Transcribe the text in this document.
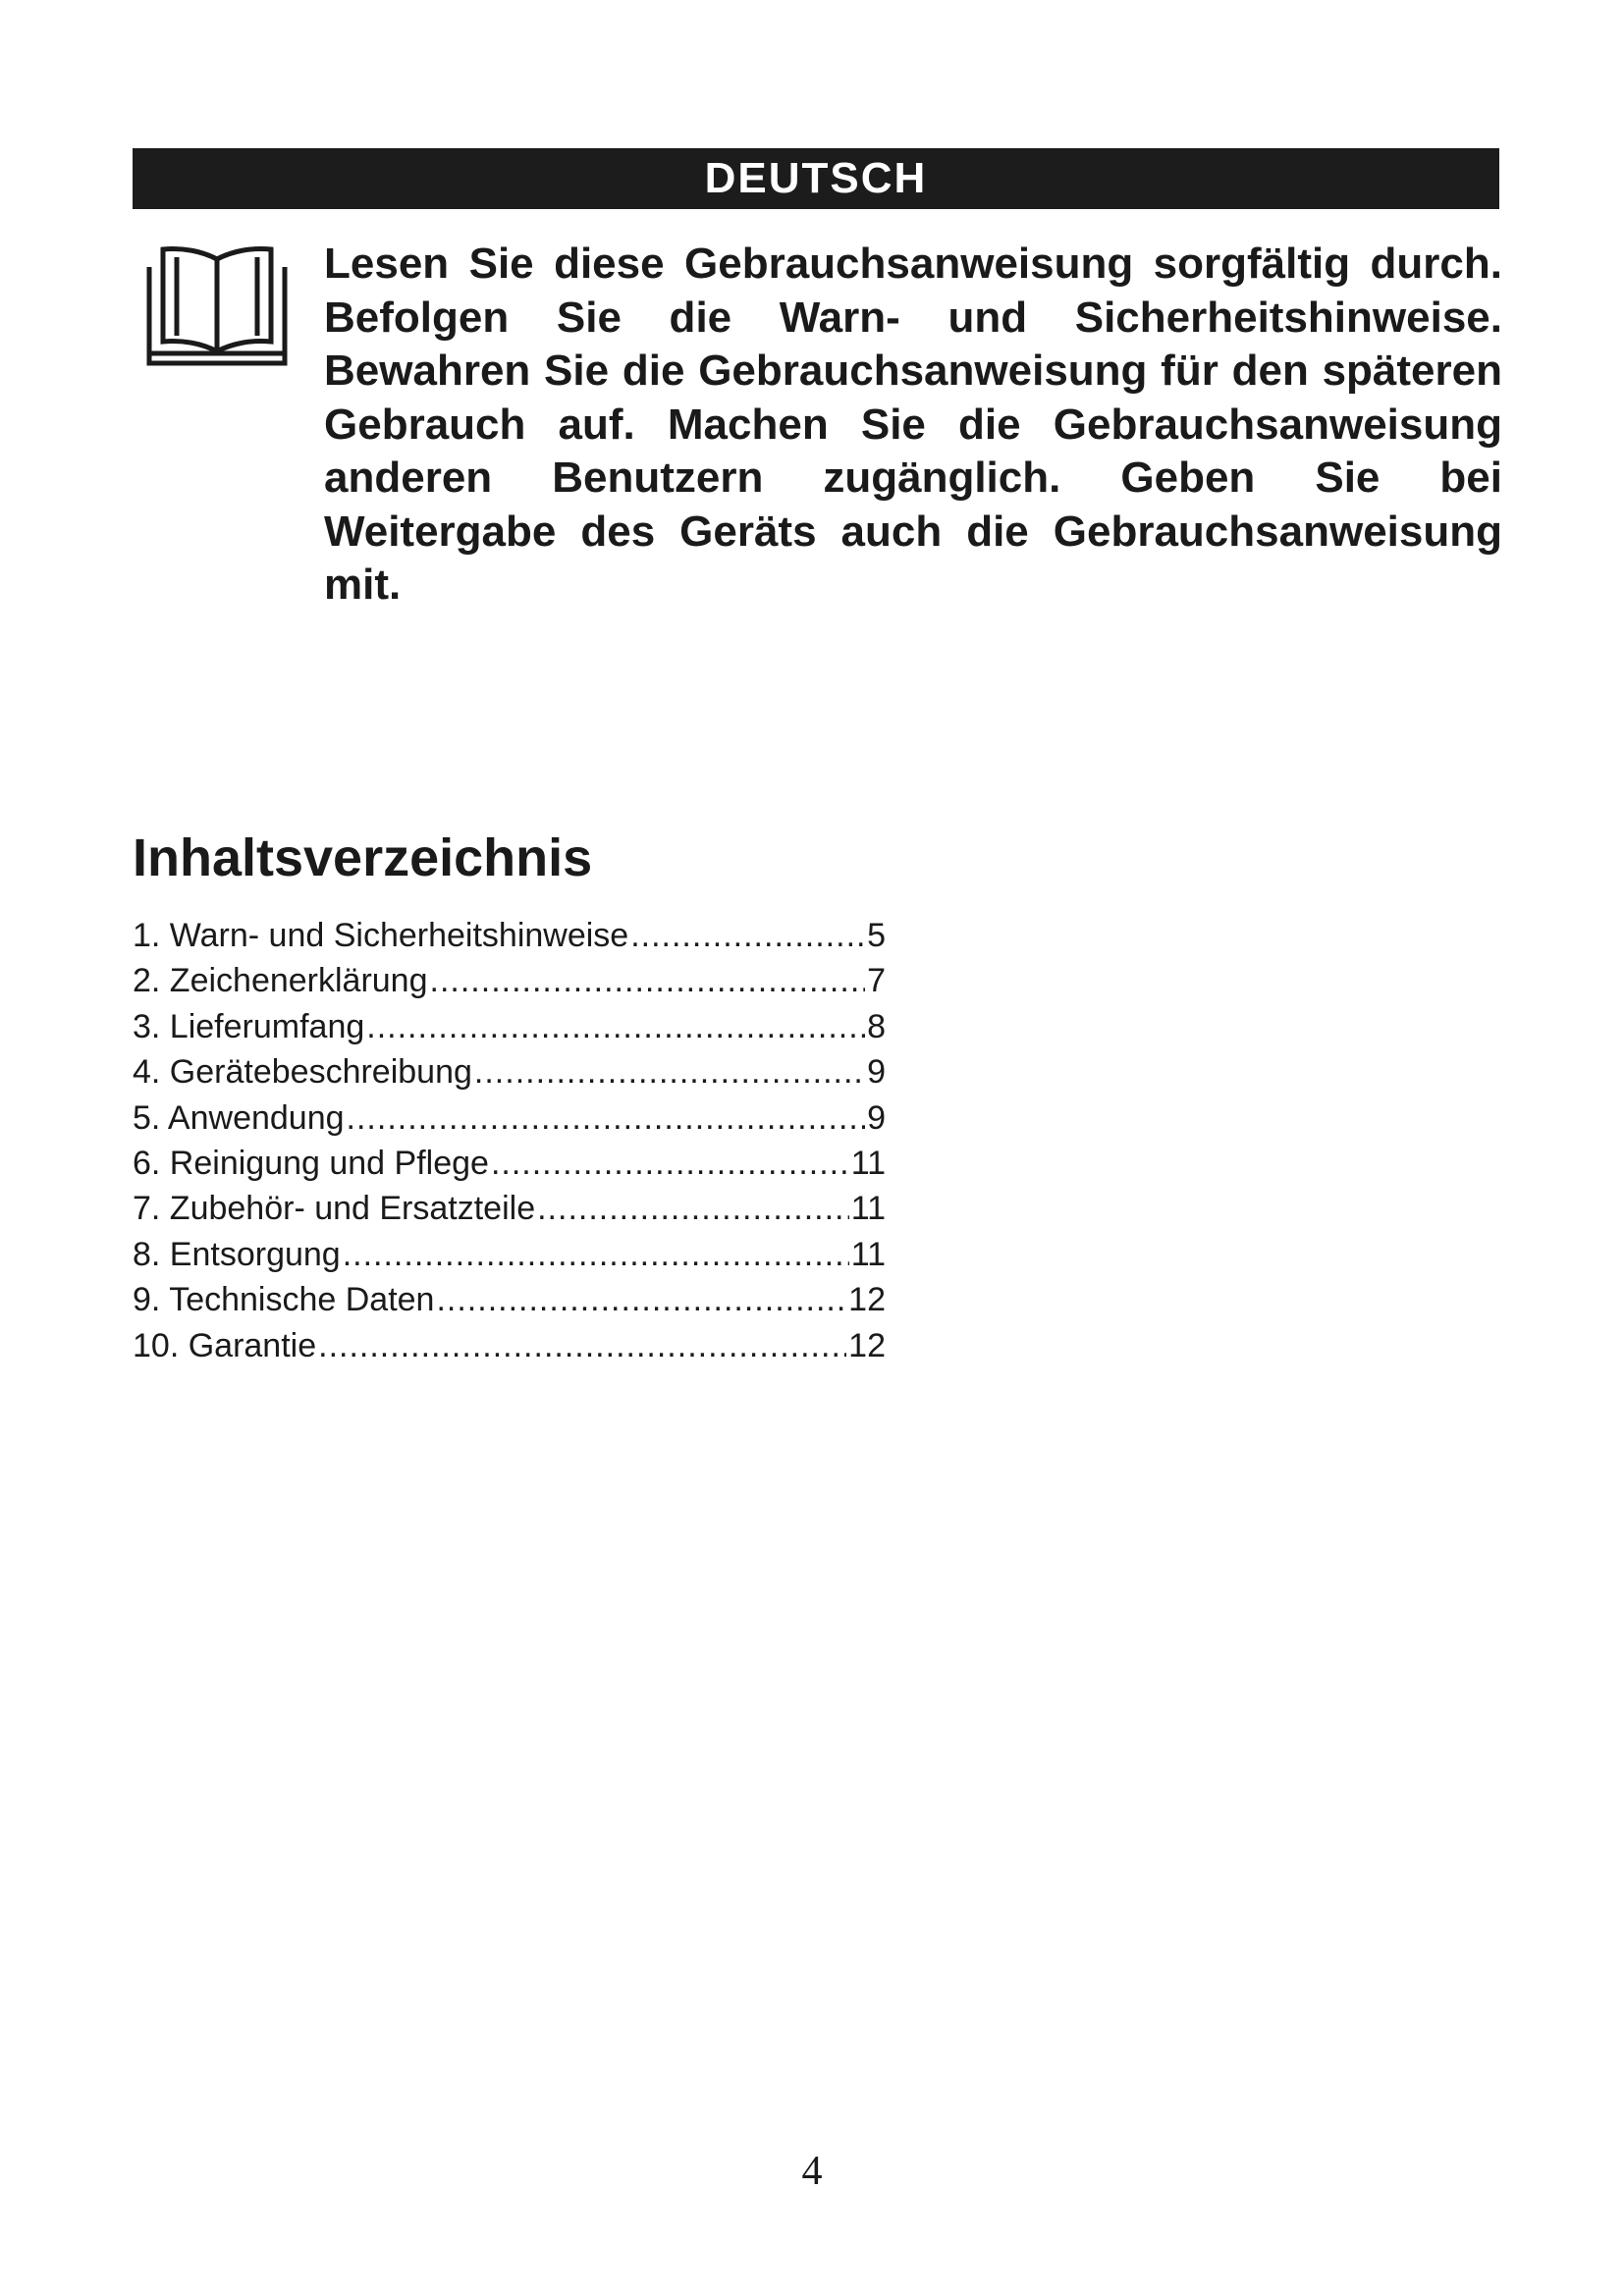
DEUTSCH

Lesen Sie diese Gebrauchsanweisung sorgfältig durch. Befolgen Sie die Warn- und Sicherheitshinweise. Bewahren Sie die Gebrauchsanweisung für den späteren Gebrauch auf. Machen Sie die Gebrauchsanweisung anderen Benutzern zugänglich. Geben Sie bei Weitergabe des Geräts auch die Gebrauchsanweisung mit.

Inhaltsverzeichnis
1. Warn- und Sicherheitshinweise .....	5
2. Zeichenerklärung .....	7
3. Lieferumfang .....	8
4. Gerätebeschreibung .....	9
5. Anwendung .....	9
6. Reinigung und Pflege .....	11
7. Zubehör- und Ersatzteile .....	11
8. Entsorgung .....	11
9. Technische Daten .....	12
10. Garantie .....	12
4
